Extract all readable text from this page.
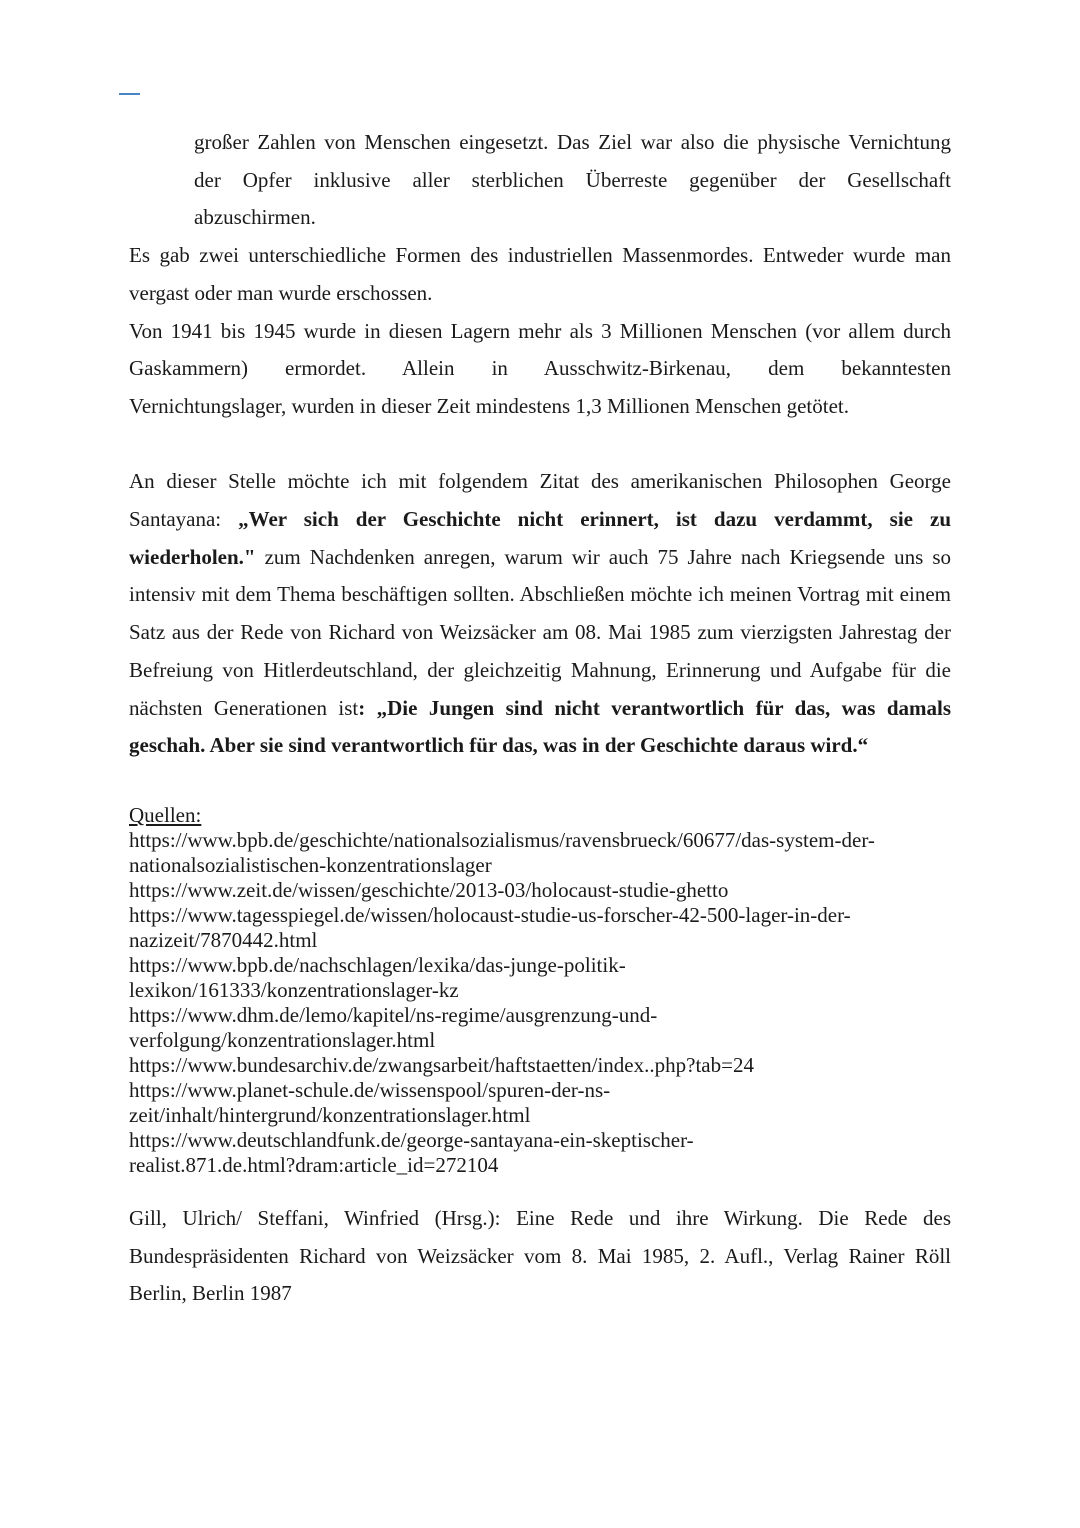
großer Zahlen von Menschen eingesetzt. Das Ziel war also die physische Vernichtung
der Opfer inklusive aller sterblichen Überreste gegenüber der Gesellschaft
abzuschirmen.

Es gab zwei unterschiedliche Formen des industriellen Massenmordes. Entweder wurde man
vergast oder man wurde erschossen.

Von 1941 bis 1945 wurde in diesen Lagern mehr als 3 Millionen Menschen (vor allem durch
Gaskammern) ermordet. Allein in Ausschwitz-Birkenau, dem bekanntesten
Vernichtungslager, wurden in dieser Zeit mindestens 1,3 Millionen Menschen getötet.

An dieser Stelle möchte ich mit folgendem Zitat des amerikanischen Philosophen George Santayana: „Wer sich der Geschichte nicht erinnert, ist dazu verdammt, sie zu wiederholen." zum Nachdenken anregen, warum wir auch 75 Jahre nach Kriegsende uns so intensiv mit dem Thema beschäftigen sollten. Abschließen möchte ich meinen Vortrag mit einem Satz aus der Rede von Richard von Weizsäcker am 08. Mai 1985 zum vierzigsten Jahrestag der Befreiung von Hitlerdeutschland, der gleichzeitig Mahnung, Erinnerung und Aufgabe für die nächsten Generationen ist: „Die Jungen sind nicht verantwortlich für das, was damals geschah. Aber sie sind verantwortlich für das, was in der Geschichte daraus wird.“

Quellen:
https://www.bpb.de/geschichte/nationalsozialismus/ravensbrueck/60677/das-system-der-
nationalsozialistischen-konzentrationslager
https://www.zeit.de/wissen/geschichte/2013-03/holocaust-studie-ghetto
https://www.tagesspiegel.de/wissen/holocaust-studie-us-forscher-42-500-lager-in-der-
nazizeit/7870442.html
https://www.bpb.de/nachschlagen/lexika/das-junge-politik-
lexikon/161333/konzentrationslager-kz
https://www.dhm.de/lemo/kapitel/ns-regime/ausgrenzung-und-
verfolgung/konzentrationslager.html
https://www.bundesarchiv.de/zwangsarbeit/haftstaetten/index..php?tab=24
https://www.planet-schule.de/wissenspool/spuren-der-ns-
zeit/inhalt/hintergrund/konzentrationslager.html
https://www.deutschlandfunk.de/george-santayana-ein-skeptischer-
realist.871.de.html?dram:article_id=272104

Gill, Ulrich/ Steffani, Winfried (Hrsg.): Eine Rede und ihre Wirkung. Die Rede des Bundespräsidenten Richard von Weizsäcker vom 8. Mai 1985, 2. Aufl., Verlag Rainer Röll Berlin, Berlin 1987
